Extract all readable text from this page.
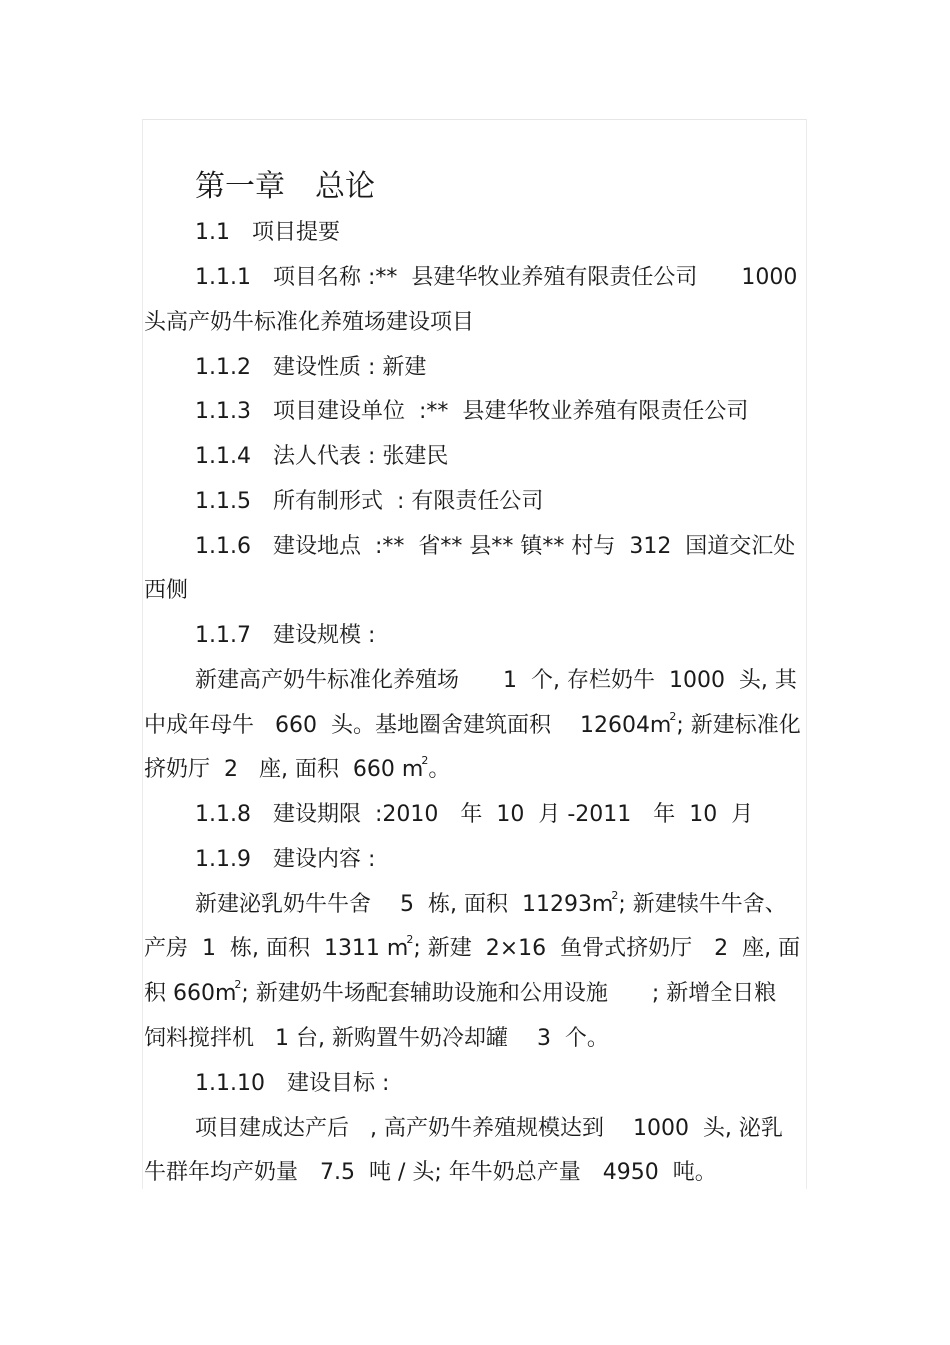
第一章　总论
1.1　项目提要
1.1.1　项目名称 :**  县建华牧业养殖有限责任公司　　1000
头高产奶牛标准化养殖场建设项目
1.1.2　建设性质 : 新建
1.1.3　项目建设单位  :**  县建华牧业养殖有限责任公司
1.1.4　法人代表 : 张建民
1.1.5　所有制形式  : 有限责任公司
1.1.6　建设地点  :**  省** 县** 镇** 村与  312  国道交汇处
西侧
1.1.7　建设规模 :
新建高产奶牛标准化养殖场　　1  个, 存栏奶牛  1000  头, 其
中成年母牛   660  头。基地圈舍建筑面积　 $12604m^2$; 新建标准化
挤奶厅  2   座, 面积  660 $m^2$。
1.1.8　建设期限  :2010　年  10  月 -2011　年  10  月
1.1.9　建设内容 :
新建泌乳奶牛牛舍　 5  栋, 面积  $11293m^2$; 新建犊牛牛舍、
产房  1  栋, 面积  1311 $m^2$; 新建  2×16  鱼骨式挤奶厅　2  座, 面
积 $660m^2$; 新建奶牛场配套辅助设施和公用设施　　; 新增全日粮
饲料搅拌机   1 台, 新购置牛奶冷却罐　 3  个。
1.1.10　建设目标 :
项目建成达产后   , 高产奶牛养殖规模达到　 1000  头, 泌乳
牛群年均产奶量　7.5  吨 / 头; 年牛奶总产量　4950  吨。
